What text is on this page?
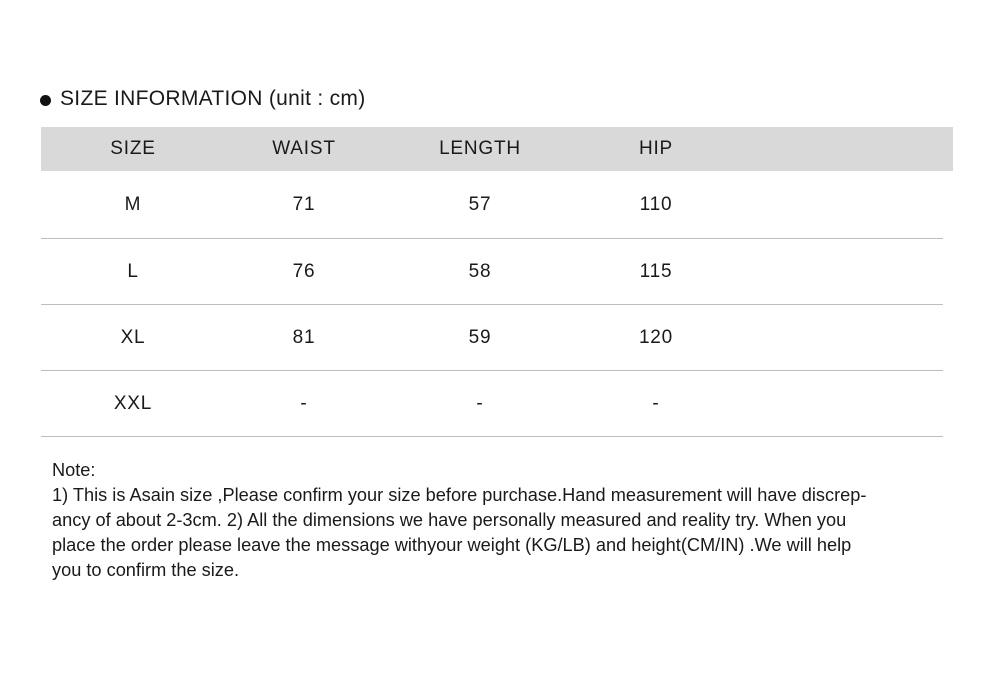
SIZE INFORMATION (unit : cm)
SIZE	WAIST	LENGTH	HIP
M	71	57	110
L	76	58	115
XL	81	59	120
XXL	-	-	-
Note:
1) This is Asain size ,Please confirm your size before purchase.Hand measurement will have discrep-
ancy of about 2-3cm. 2) All the dimensions we have personally measured and reality try. When you
place the order please leave the message withyour weight (KG/LB) and height(CM/IN) .We will help
you to confirm the size.
